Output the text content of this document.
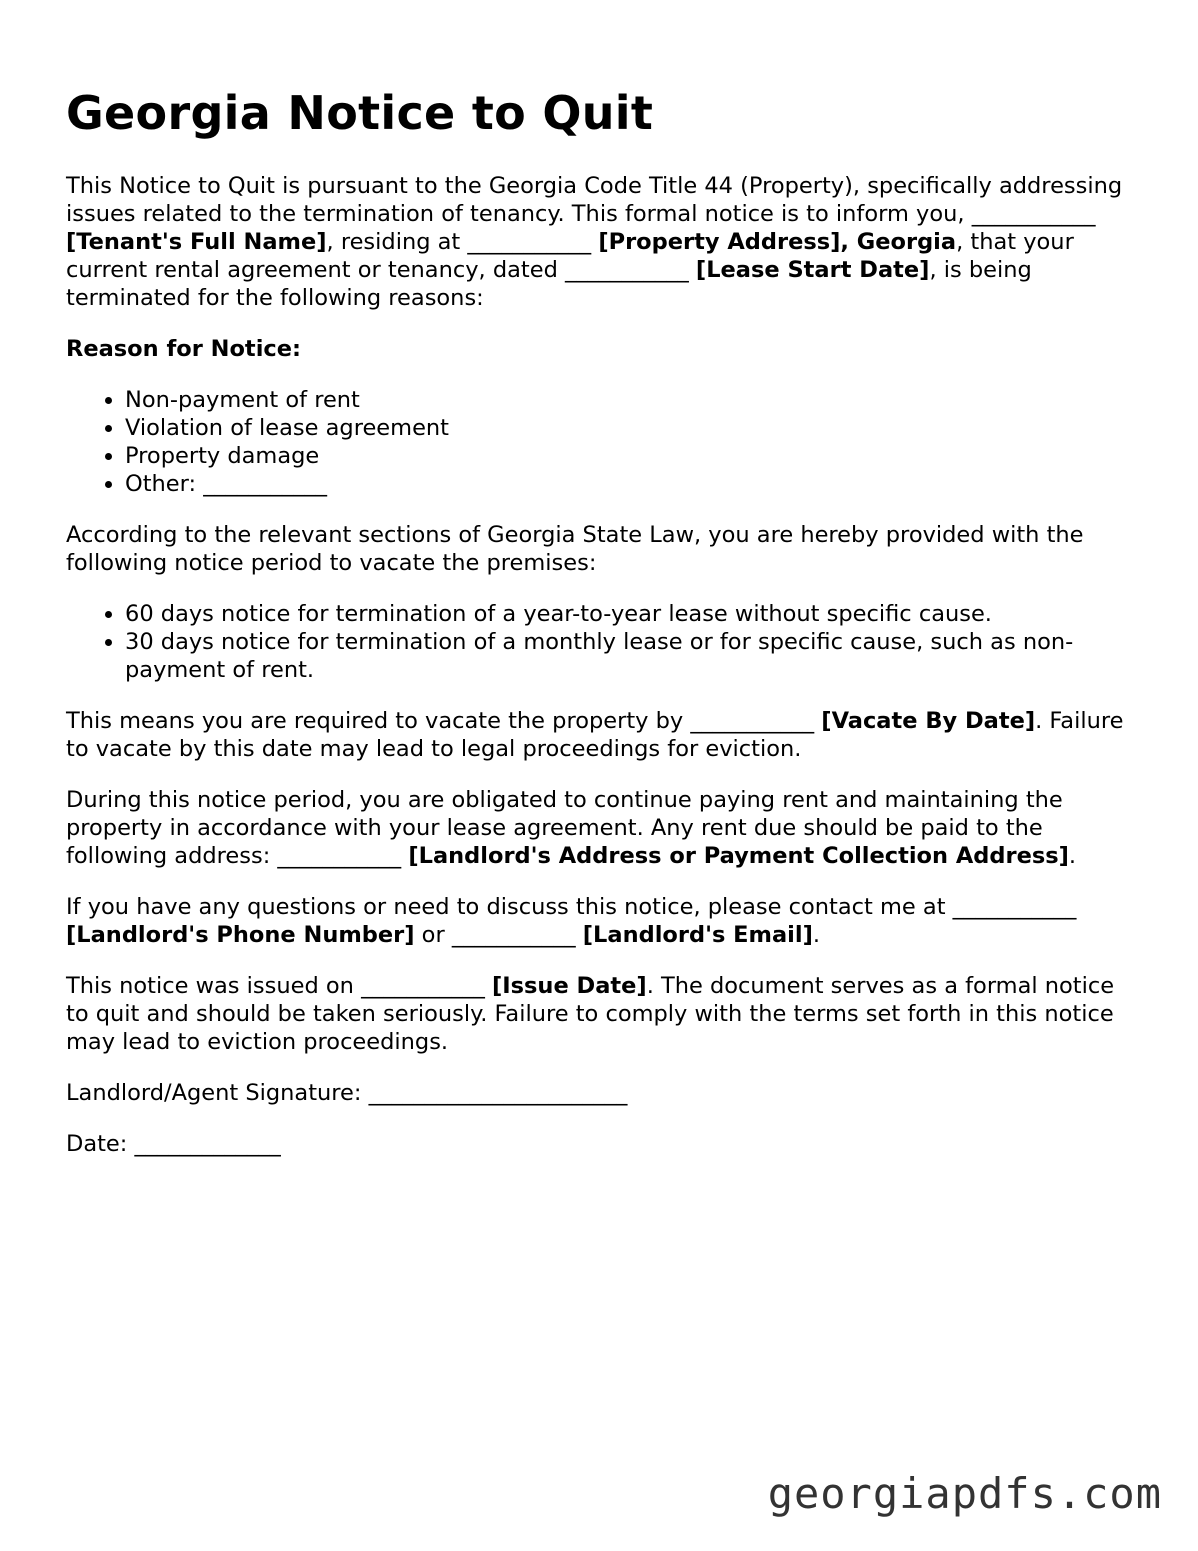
Georgia Notice to Quit

This Notice to Quit is pursuant to the Georgia Code Title 44 (Property), specifically addressing issues related to the termination of tenancy. This formal notice is to inform you, ___________ [Tenant's Full Name], residing at ___________ [Property Address], Georgia, that your current rental agreement or tenancy, dated ___________ [Lease Start Date], is being terminated for the following reasons:

Reason for Notice:

• Non-payment of rent
• Violation of lease agreement
• Property damage
• Other: ___________

According to the relevant sections of Georgia State Law, you are hereby provided with the following notice period to vacate the premises:

• 60 days notice for termination of a year-to-year lease without specific cause.
• 30 days notice for termination of a monthly lease or for specific cause, such as non-payment of rent.

This means you are required to vacate the property by ___________ [Vacate By Date]. Failure to vacate by this date may lead to legal proceedings for eviction.

During this notice period, you are obligated to continue paying rent and maintaining the property in accordance with your lease agreement. Any rent due should be paid to the following address: ___________ [Landlord's Address or Payment Collection Address].

If you have any questions or need to discuss this notice, please contact me at ___________ [Landlord's Phone Number] or ___________ [Landlord's Email].

This notice was issued on ___________ [Issue Date]. The document serves as a formal notice to quit and should be taken seriously. Failure to comply with the terms set forth in this notice may lead to eviction proceedings.

Landlord/Agent Signature: _______________________

Date: _____________

georgiapdfs.com
